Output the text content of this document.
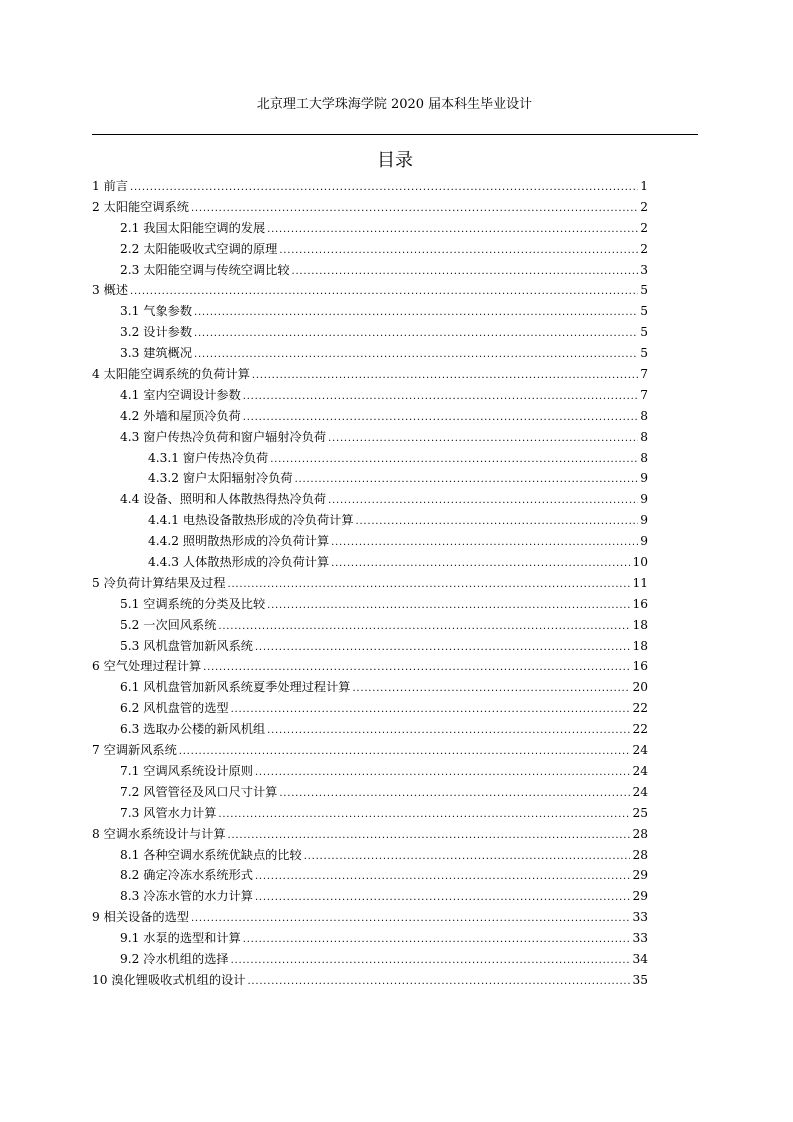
北京理工大学珠海学院 2020 届本科生毕业设计
目录
1 前言 . . .	1
2 太阳能空调系统 . . .	2
2.1 我国太阳能空调的发展 . . .	2
2.2 太阳能吸收式空调的原理 . . .	2
2.3 太阳能空调与传统空调比较 . . .	3
3 概述 . . .	5
3.1 气象参数 . . .	5
3.2 设计参数 . . .	5
3.3 建筑概况 . . .	5
4 太阳能空调系统的负荷计算 . . .	7
4.1 室内空调设计参数 . . .	7
4.2 外墙和屋顶冷负荷 . . .	8
4.3 窗户传热冷负荷和窗户辐射冷负荷 . . .	8
4.3.1 窗户传热冷负荷 . . .	8
4.3.2 窗户太阳辐射冷负荷 . . .	9
4.4 设备、照明和人体散热得热冷负荷 . . .	9
4.4.1 电热设备散热形成的冷负荷计算 . . .	9
4.4.2 照明散热形成的冷负荷计算 . . .	9
4.4.3 人体散热形成的冷负荷计算 . . .	10
5 冷负荷计算结果及过程 . . .	11
5.1 空调系统的分类及比较 . . .	16
5.2 一次回风系统 . . .	18
5.3 风机盘管加新风系统 . . .	18
6 空气处理过程计算 . . .	16
6.1 风机盘管加新风系统夏季处理过程计算 . . .	20
6.2 风机盘管的选型 . . .	22
6.3 选取办公楼的新风机组 . . .	22
7 空调新风系统 . . .	24
7.1 空调风系统设计原则 . . .	24
7.2 风管管径及风口尺寸计算 . . .	24
7.3 风管水力计算 . . .	25
8 空调水系统设计与计算 . . .	28
8.1 各种空调水系统优缺点的比较 . . .	28
8.2 确定冷冻水系统形式 . . .	29
8.3 冷冻水管的水力计算 . . .	29
9 相关设备的选型 . . .	33
9.1 水泵的选型和计算 . . .	33
9.2 冷水机组的选择 . . .	34
10 溴化锂吸收式机组的设计 . . .	35
